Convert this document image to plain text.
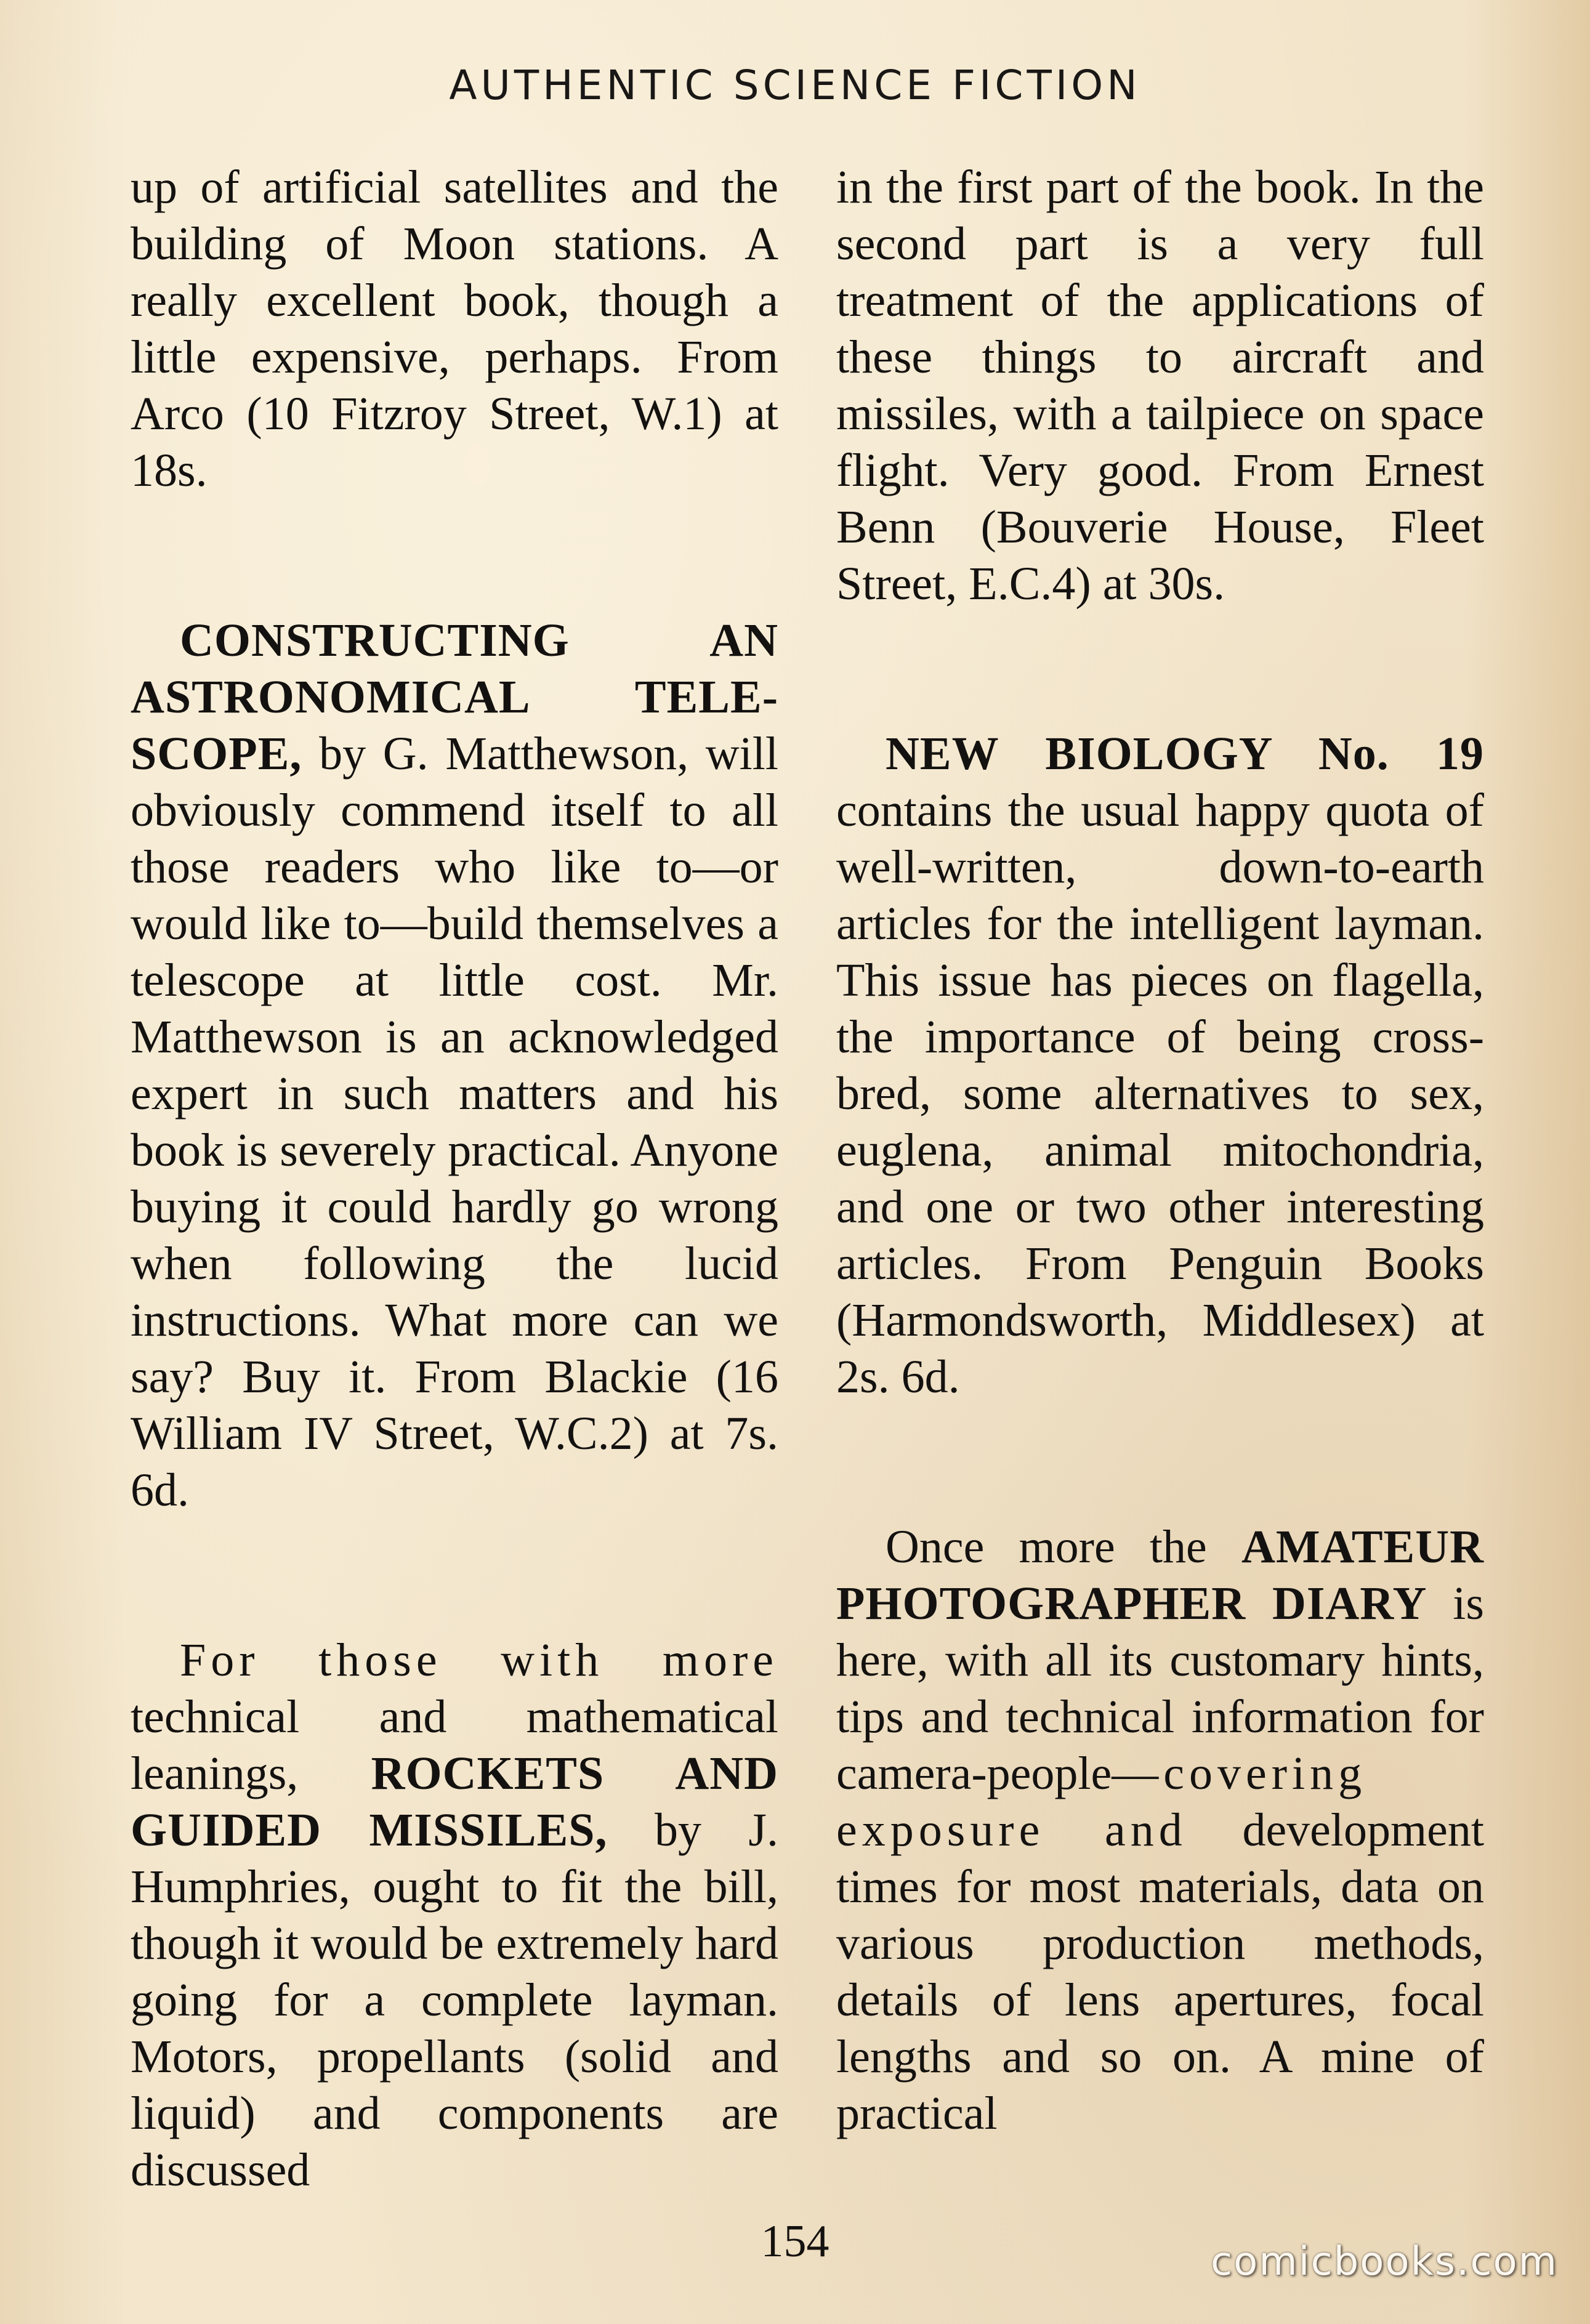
AUTHENTIC SCIENCE FICTION

up of artificial satellites and the building of Moon stations. A really excellent book, though a little expensive, perhaps. From Arco (10 Fitzroy Street, W.1) at 18s.

CONSTRUCTING AN ASTRONOMICAL TELE-SCOPE, by G. Matthewson, will obviously commend itself to all those readers who like to—or would like to—build themselves a telescope at little cost. Mr. Matthewson is an acknowledged expert in such matters and his book is severely practical. Anyone buying it could hardly go wrong when following the lucid instructions. What more can we say? Buy it. From Blackie (16 William IV Street, W.C.2) at 7s. 6d.

For those with more technical and mathematical leanings, ROCKETS AND GUIDED MISSILES, by J. Humphries, ought to fit the bill, though it would be extremely hard going for a complete layman. Motors, propellants (solid and liquid) and components are discussed

in the first part of the book. In the second part is a very full treatment of the applications of these things to aircraft and missiles, with a tailpiece on space flight. Very good. From Ernest Benn (Bouverie House, Fleet Street, E.C.4) at 30s.

NEW BIOLOGY No. 19 contains the usual happy quota of well-written, down-to-earth articles for the intelligent layman. This issue has pieces on flagella, the importance of being cross-bred, some alternatives to sex, euglena, animal mitochondria, and one or two other interesting articles. From Penguin Books (Harmondsworth, Middlesex) at 2s. 6d.

Once more the AMATEUR PHOTOGRAPHER DIARY is here, with all its customary hints, tips and technical information for camera-people—covering exposure and development times for most materials, data on various production methods, details of lens apertures, focal lengths and so on. A mine of practical

154	comicbooks.com
